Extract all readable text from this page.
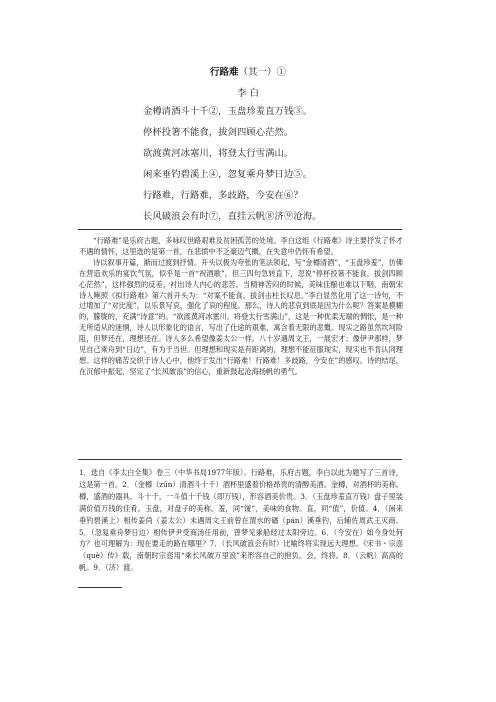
行路难（其一）①
李 白
金樽清酒斗十千②，玉盘珍羞直万钱③。
停杯投箸不能食，拔剑四顾心茫然。
欲渡黄河冰塞川，将登太行雪满山。
闲来垂钓碧溪上④，忽复乘舟梦日边⑤。
行路难，行路难，多歧路，今安在⑥？
长风破浪会有时⑦，直挂云帆⑧济⑨沧海。

“行路难”是乐府古题，多咏叹世路艰难及贫困孤苦的处境。李白这组《行路难》诗主要抒发了怀才不遇的情怀，这里选的是第一首，在悲愤中不乏豪迈气概，在失意中仍怀有希望。

诗以叙事开篇，渐而过渡到抒情。开头以极为夸张的笔法领起，写“金樽清酒”，“玉盘珍羞”，仿佛在营造欢乐的宴饮气氛，似乎是一首“祝酒歌”。但三四句急转直下，忽说“停杯投箸不能食，拔剑四顾心茫然”，这样强烈的反差，衬出诗人内心的悲苦。当精神苦闷的时候，美味佳酿也难以下咽，南朝宋诗人鲍照《拟行路难》第六首开头为：“对案不能食，拔剑击柱长叹息。”李白显然化用了这一诗句，不过增加了“对比度”，以乐景写哀，强化了哀的程度。那么，诗人的悲哀到底是因为什么呢？答案是模糊的，朦胧的，充满“诗意”的。“欲渡黄河冰塞川，将登太行雪满山”，这是一种优柔无端的惆怅，是一种无所适从的迷惘，诗人以形象化的语言，写出了仕途的艰难，寓含着无限的悲慨。现实之路虽然坎坷险阻，但梦还在，理想还在。诗人多么希望像姜太公一样，八十岁遇周文王，一展宏才；像伊尹那样，梦见自己乘舟到“日边”，有为于当世。但理想和现实是有距离的，理想不能征服现实，现实也不肯认同理想。这样的痛苦交织于诗人心中，他终于发出“行路难！行路难！多歧路，今安在”的感叹。诗的结尾，在沉郁中振起，坚定了“长风破浪”的信心，重新鼓起沧海扬帆的勇气。

1．选自《李太白全集》卷三（中华书局1977年版）。行路难，乐府古题，李白以此为题写了三首诗，这是第一首。2．（金樽（zūn）清酒斗十千）酒杯里盛着价格昂贵的清醇美酒。金樽，对酒杯的美称。樽，盛酒的器具。斗十千，一斗值十千钱（即万钱），形容酒美价贵。3．（玉盘珍羞直万钱）盘子里装满价值万钱的佳肴。玉盘，对盘子的美称。羞，同“馐”，美味的食物。直，同“值”，价值。4．（闲来垂钓碧溪上）相传姜尚（姜太公）未遇周文王前曾在渭水的磻（pán）溪垂钓，后辅佐周武王灭商。5．（忽复乘舟梦日边）相传伊尹受商汤任用前，曾梦见乘船经过太阳旁边。6．（今安在）如今身处何方？也可理解为：现在要走的路在哪里？7．（长风破浪会有时）比喻终将实现远大理想。《宋书・宗悫（què）传》载，南朝时宗悫用“乘长风破万里浪”来形容自己的抱负。会，终将。8．（云帆）高高的帆。9．（济）渡。
